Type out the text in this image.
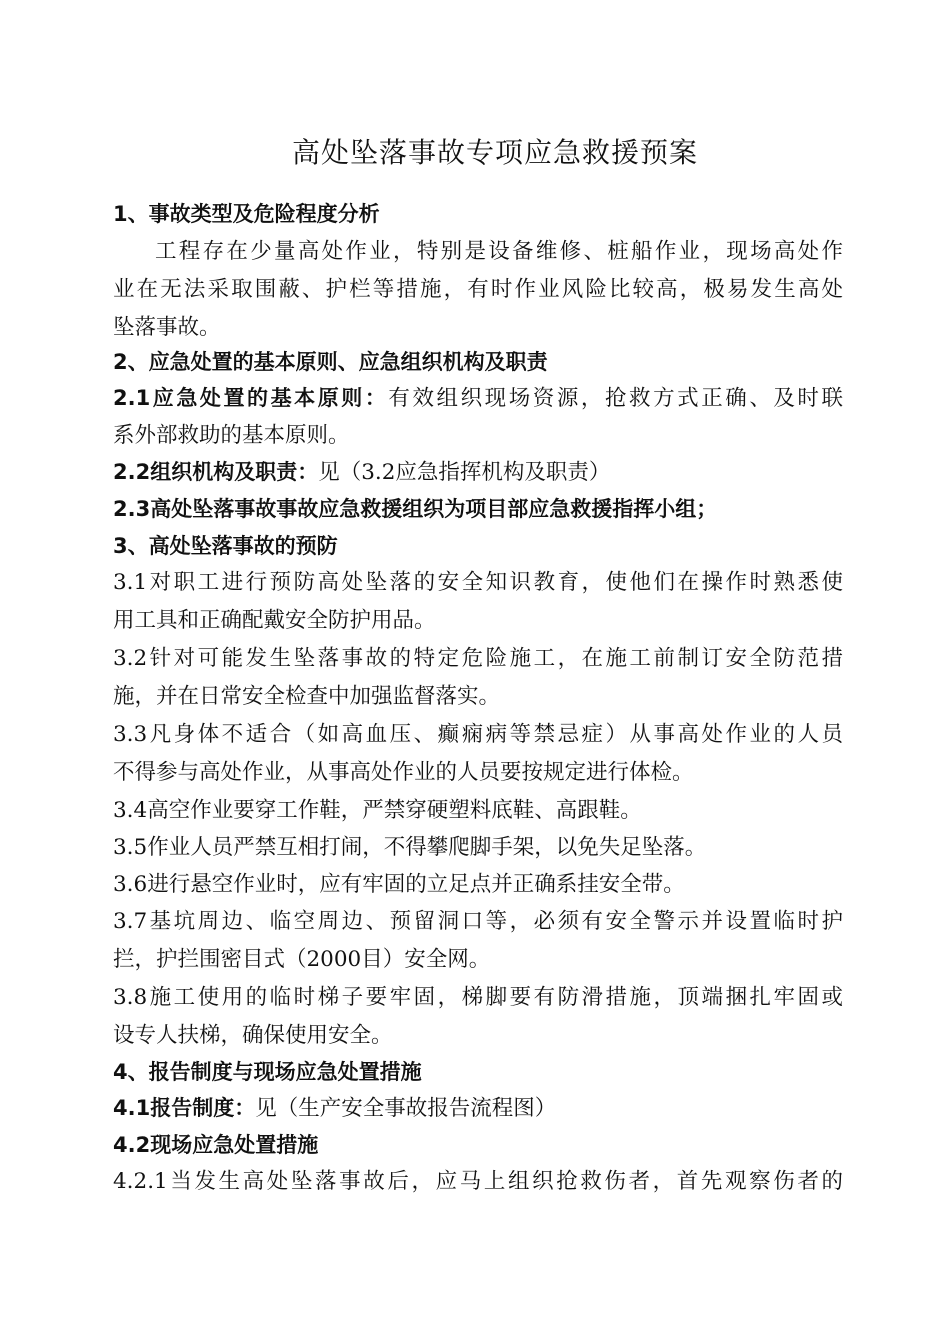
高处坠落事故专项应急救援预案
1、事故类型及危险程度分析
工程存在少量高处作业，特别是设备维修、桩船作业，现场高处作
业在无法采取围蔽、护栏等措施，有时作业风险比较高，极易发生高处
坠落事故。
2、应急处置的基本原则、应急组织机构及职责
2.1应急处置的基本原则：有效组织现场资源，抢救方式正确、及时联
系外部救助的基本原则。
2.2组织机构及职责：见（3.2应急指挥机构及职责）
2.3高处坠落事故事故应急救援组织为项目部应急救援指挥小组；
3、高处坠落事故的预防
3.1对职工进行预防高处坠落的安全知识教育，使他们在操作时熟悉使
用工具和正确配戴安全防护用品。
3.2针对可能发生坠落事故的特定危险施工，在施工前制订安全防范措
施，并在日常安全检查中加强监督落实。
3.3凡身体不适合（如高血压、癫痫病等禁忌症）从事高处作业的人员
不得参与高处作业，从事高处作业的人员要按规定进行体检。
3.4高空作业要穿工作鞋，严禁穿硬塑料底鞋、高跟鞋。
3.5作业人员严禁互相打闹，不得攀爬脚手架，以免失足坠落。
3.6进行悬空作业时，应有牢固的立足点并正确系挂安全带。
3.7基坑周边、临空周边、预留洞口等，必须有安全警示并设置临时护
拦，护拦围密目式（2000目）安全网。
3.8施工使用的临时梯子要牢固，梯脚要有防滑措施，顶端捆扎牢固或
设专人扶梯，确保使用安全。
4、报告制度与现场应急处置措施
4.1报告制度：见（生产安全事故报告流程图）
4.2现场应急处置措施
4.2.1当发生高处坠落事故后，应马上组织抢救伤者，首先观察伤者的
